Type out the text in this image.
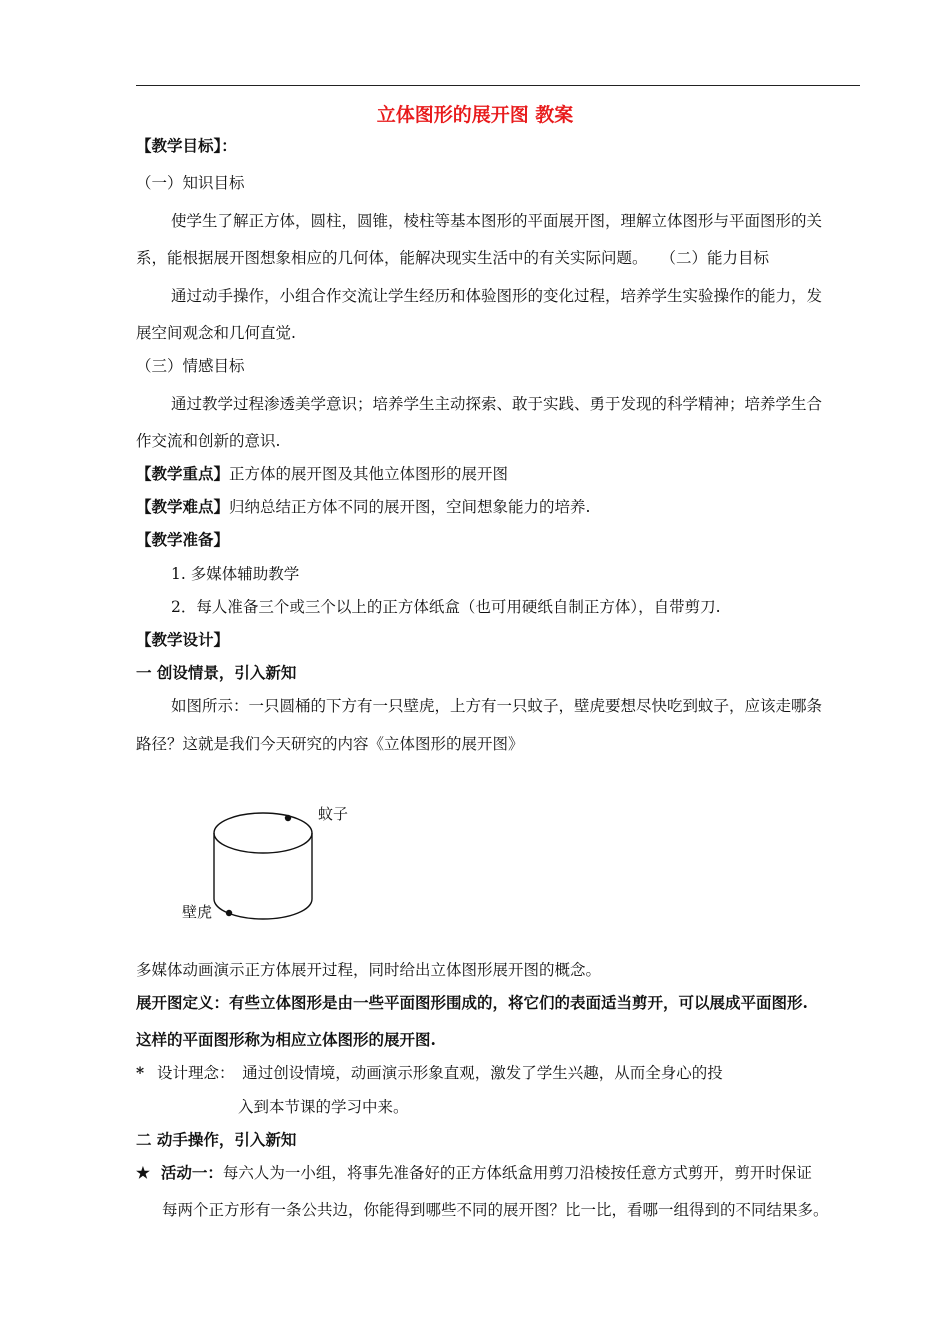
立体图形的展开图 教案
【教学目标】：
（一）知识目标
使学生了解正方体，圆柱，圆锥，棱柱等基本图形的平面展开图，理解立体图形与平面图形的关
系，能根据展开图想象相应的几何体，能解决现实生活中的有关实际问题。 （二）能力目标
通过动手操作，小组合作交流让学生经历和体验图形的变化过程，培养学生实验操作的能力，发
展空间观念和几何直觉.
（三）情感目标
通过教学过程渗透美学意识；培养学生主动探索、敢于实践、勇于发现的科学精神；培养学生合
作交流和创新的意识.
【教学重点】正方体的展开图及其他立体图形的展开图
【教学难点】归纳总结正方体不同的展开图，空间想象能力的培养.
【教学准备】
1. 多媒体辅助教学
2．每人准备三个或三个以上的正方体纸盒（也可用硬纸自制正方体），自带剪刀.
【教学设计】
一 创设情景，引入新知
如图所示：一只圆桶的下方有一只壁虎，上方有一只蚊子，壁虎要想尽快吃到蚊子，应该走哪条
路径？这就是我们今天研究的内容《立体图形的展开图》
蚊子
壁虎
多媒体动画演示正方体展开过程，同时给出立体图形展开图的概念。
展开图定义：有些立体图形是由一些平面图形围成的，将它们的表面适当剪开，可以展成平面图形.
这样的平面图形称为相应立体图形的展开图.
* 设计理念：　通过创设情境，动画演示形象直观，激发了学生兴趣，从而全身心的投
入到本节课的学习中来。
二 动手操作，引入新知
★ 活动一：每六人为一小组，将事先准备好的正方体纸盒用剪刀沿棱按任意方式剪开，剪开时保证
每两个正方形有一条公共边，你能得到哪些不同的展开图？比一比，看哪一组得到的不同结果多。
